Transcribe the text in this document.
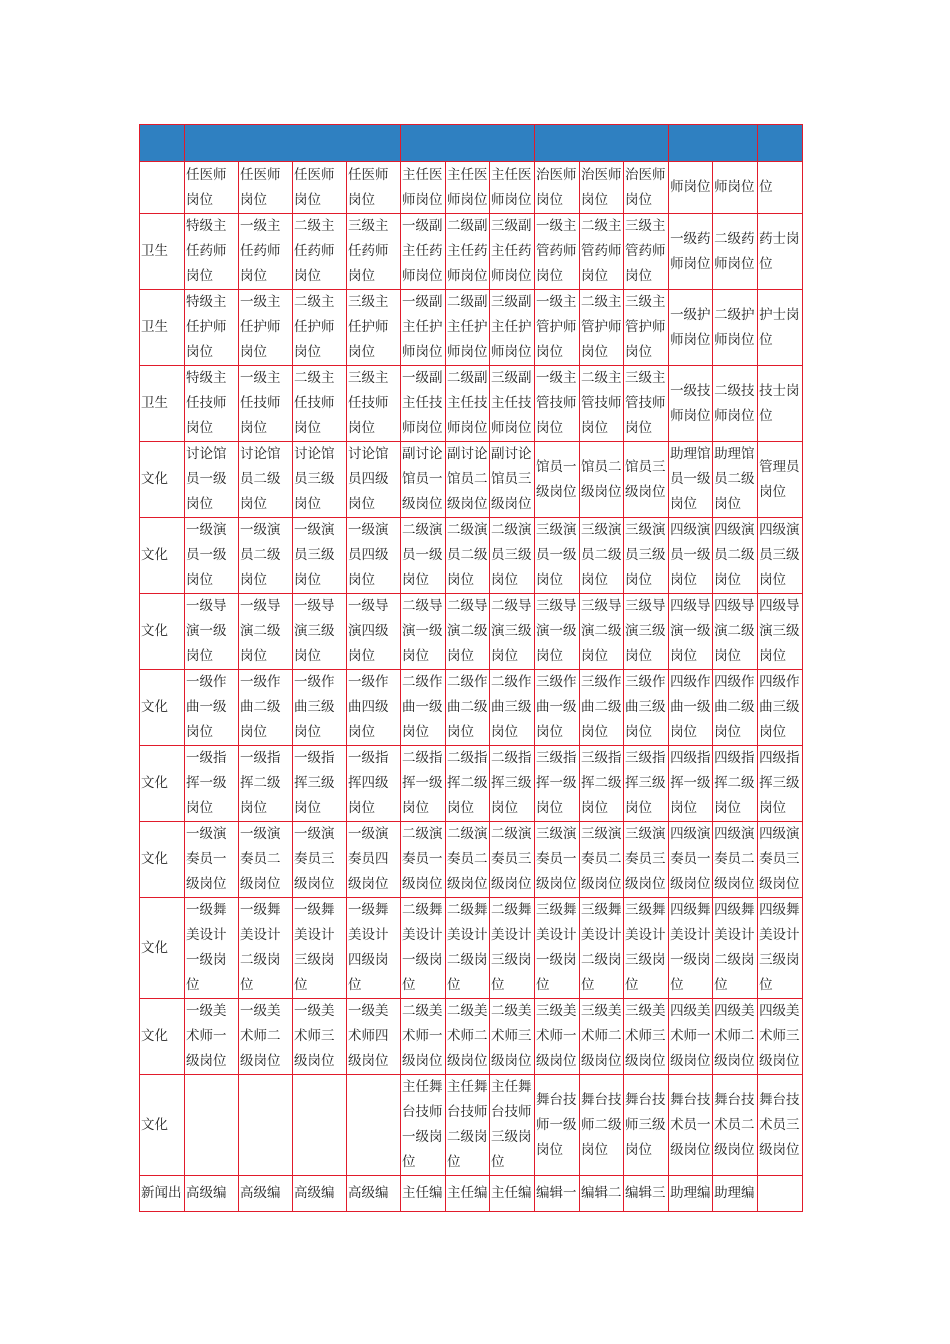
	任医师岗位	任医师岗位	任医师岗位	任医师岗位	主任医师岗位	主任医师岗位	主任医师岗位	治医师岗位	治医师岗位	治医师岗位	师岗位	师岗位	位
卫生	特级主任药师岗位	一级主任药师岗位	二级主任药师岗位	三级主任药师岗位	一级副主任药师岗位	二级副主任药师岗位	三级副主任药师岗位	一级主管药师岗位	二级主管药师岗位	三级主管药师岗位	一级药师岗位	二级药师岗位	药士岗位
卫生	特级主任护师岗位	一级主任护师岗位	二级主任护师岗位	三级主任护师岗位	一级副主任护师岗位	二级副主任护师岗位	三级副主任护师岗位	一级主管护师岗位	二级主管护师岗位	三级主管护师岗位	一级护师岗位	二级护师岗位	护士岗位
卫生	特级主任技师岗位	一级主任技师岗位	二级主任技师岗位	三级主任技师岗位	一级副主任技师岗位	二级副主任技师岗位	三级副主任技师岗位	一级主管技师岗位	二级主管技师岗位	三级主管技师岗位	一级技师岗位	二级技师岗位	技士岗位
文化	讨论馆员一级岗位	讨论馆员二级岗位	讨论馆员三级岗位	讨论馆员四级岗位	副讨论馆员一级岗位	副讨论馆员二级岗位	副讨论馆员三级岗位	馆员一级岗位	馆员二级岗位	馆员三级岗位	助理馆员一级岗位	助理馆员二级岗位	管理员岗位
文化	一级演员一级岗位	一级演员二级岗位	一级演员三级岗位	一级演员四级岗位	二级演员一级岗位	二级演员二级岗位	二级演员三级岗位	三级演员一级岗位	三级演员二级岗位	三级演员三级岗位	四级演员一级岗位	四级演员二级岗位	四级演员三级岗位
文化	一级导演一级岗位	一级导演二级岗位	一级导演三级岗位	一级导演四级岗位	二级导演一级岗位	二级导演二级岗位	二级导演三级岗位	三级导演一级岗位	三级导演二级岗位	三级导演三级岗位	四级导演一级岗位	四级导演二级岗位	四级导演三级岗位
文化	一级作曲一级岗位	一级作曲二级岗位	一级作曲三级岗位	一级作曲四级岗位	二级作曲一级岗位	二级作曲二级岗位	二级作曲三级岗位	三级作曲一级岗位	三级作曲二级岗位	三级作曲三级岗位	四级作曲一级岗位	四级作曲二级岗位	四级作曲三级岗位
文化	一级指挥一级岗位	一级指挥二级岗位	一级指挥三级岗位	一级指挥四级岗位	二级指挥一级岗位	二级指挥二级岗位	二级指挥三级岗位	三级指挥一级岗位	三级指挥二级岗位	三级指挥三级岗位	四级指挥一级岗位	四级指挥二级岗位	四级指挥三级岗位
文化	一级演奏员一级岗位	一级演奏员二级岗位	一级演奏员三级岗位	一级演奏员四级岗位	二级演奏员一级岗位	二级演奏员二级岗位	二级演奏员三级岗位	三级演奏员一级岗位	三级演奏员二级岗位	三级演奏员三级岗位	四级演奏员一级岗位	四级演奏员二级岗位	四级演奏员三级岗位
文化	一级舞美设计一级岗位	一级舞美设计二级岗位	一级舞美设计三级岗位	一级舞美设计四级岗位	二级舞美设计一级岗位	二级舞美设计二级岗位	二级舞美设计三级岗位	三级舞美设计一级岗位	三级舞美设计二级岗位	三级舞美设计三级岗位	四级舞美设计一级岗位	四级舞美设计二级岗位	四级舞美设计三级岗位
文化	一级美术师一级岗位	一级美术师二级岗位	一级美术师三级岗位	一级美术师四级岗位	二级美术师一级岗位	二级美术师二级岗位	二级美术师三级岗位	三级美术师一级岗位	三级美术师二级岗位	三级美术师三级岗位	四级美术师一级岗位	四级美术师二级岗位	四级美术师三级岗位
文化					主任舞台技师一级岗位	主任舞台技师二级岗位	主任舞台技师三级岗位	舞台技师一级岗位	舞台技师二级岗位	舞台技师三级岗位	舞台技术员一级岗位	舞台技术员二级岗位	舞台技术员三级岗位
新闻出	高级编	高级编	高级编	高级编	主任编	主任编	主任编	编辑一	编辑二	编辑三	助理编	助理编	
